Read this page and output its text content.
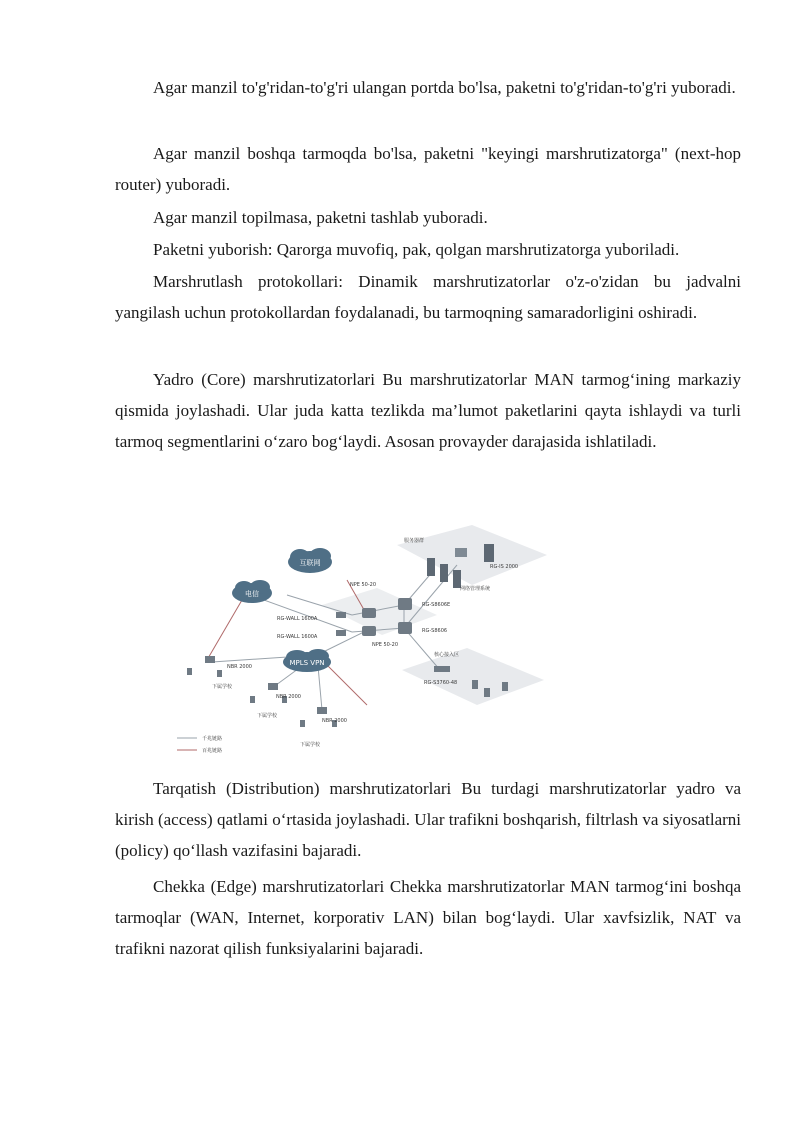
Agar manzil to'g'ridan-to'g'ri ulangan portda bo'lsa, paketni to'g'ridan-to'g'ri yuboradi.

Agar manzil boshqa tarmoqda bo'lsa, paketni "keyingi marshrutizatorga" (next-hop router) yuboradi.

Agar manzil topilmasa, paketni tashlab yuboradi.

Paketni yuborish: Qarorga muvofiq, pak, qolgan marshrutizatorga yuboriladi.

Marshrutlash protokollari: Dinamik marshrutizatorlar o'z-o'zidan bu jadvalni yangilash uchun protokollardan foydalanadi, bu tarmoqning samaradorligini oshiradi.

Yadro (Core) marshrutizatorlari Bu marshrutizatorlar MAN tarmog‘ining markaziy qismida joylashadi. Ular juda katta tezlikda ma’lumot paketlarini qayta ishlaydi va turli tarmoq segmentlarini o‘zaro bog‘laydi. Asosan provayder darajasida ishlatiladi.

互联网
电信
MPLS VPN
NPE 50-20
NPE 50-20
RG-WALL 1600A
RG-WALL 1600A
RG-S8606E
RG-S8606
服务器群
RG-IS 2000
网络管理系统
核心接入区
RG-S3760-48
NBR 2000
NBR 2000
NBR 2000
下属学校
下属学校
下属学校
千兆链路
百兆链路

Tarqatish (Distribution) marshrutizatorlari Bu turdagi marshrutizatorlar yadro va kirish (access) qatlami o‘rtasida joylashadi. Ular trafikni boshqarish, filtrlash va siyosatlarni (policy) qo‘llash vazifasini bajaradi.

Chekka (Edge) marshrutizatorlari Chekka marshrutizatorlar MAN tarmog‘ini boshqa tarmoqlar (WAN, Internet, korporativ LAN) bilan bog‘laydi. Ular xavfsizlik, NAT va trafikni nazorat qilish funksiyalarini bajaradi.
